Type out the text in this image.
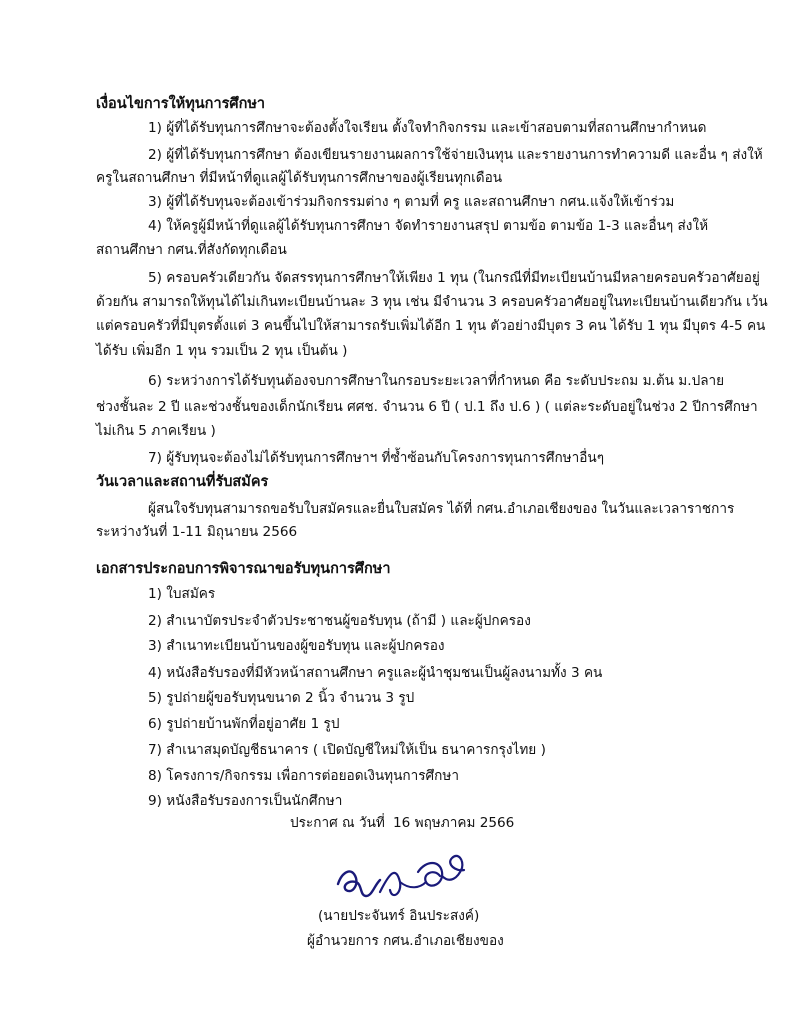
เงื่อนไขการให้ทุนการศึกษา
1) ผู้ที่ได้รับทุนการศึกษาจะต้องตั้งใจเรียน ตั้งใจทำกิจกรรม และเข้าสอบตามที่สถานศึกษากำหนด
2) ผู้ที่ได้รับทุนการศึกษา ต้องเขียนรายงานผลการใช้จ่ายเงินทุน และรายงานการทำความดี และอื่น ๆ ส่งให้
ครูในสถานศึกษา ที่มีหน้าที่ดูแลผู้ได้รับทุนการศึกษาของผู้เรียนทุกเดือน
3) ผู้ที่ได้รับทุนจะต้องเข้าร่วมกิจกรรมต่าง ๆ ตามที่ ครู และสถานศึกษา กศน.แจ้งให้เข้าร่วม
4) ให้ครูผู้มีหน้าที่ดูแลผู้ได้รับทุนการศึกษา จัดทำรายงานสรุป ตามข้อ ตามข้อ 1-3 และอื่นๆ ส่งให้
สถานศึกษา กศน.ที่สังกัดทุกเดือน
5) ครอบครัวเดียวกัน จัดสรรทุนการศึกษาให้เพียง 1 ทุน (ในกรณีที่มีทะเบียนบ้านมีหลายครอบครัวอาศัยอยู่
ด้วยกัน สามารถให้ทุนได้ไม่เกินทะเบียนบ้านละ 3 ทุน เช่น มีจำนวน 3 ครอบครัวอาศัยอยู่ในทะเบียนบ้านเดียวกัน เว้น
แต่ครอบครัวที่มีบุตรตั้งแต่ 3 คนขึ้นไปให้สามารถรับเพิ่มได้อีก 1 ทุน ตัวอย่างมีบุตร 3 คน ได้รับ 1 ทุน มีบุตร 4-5 คน
ได้รับ เพิ่มอีก 1 ทุน รวมเป็น 2 ทุน เป็นต้น )
6) ระหว่างการได้รับทุนต้องจบการศึกษาในกรอบระยะเวลาที่กำหนด คือ ระดับประถม ม.ต้น ม.ปลาย
ช่วงชั้นละ 2 ปี และช่วงชั้นของเด็กนักเรียน ศศช. จำนวน 6 ปี ( ป.1 ถึง ป.6 ) ( แต่ละระดับอยู่ในช่วง 2 ปีการศึกษา
ไม่เกิน 5 ภาคเรียน )
7) ผู้รับทุนจะต้องไม่ได้รับทุนการศึกษาฯ ที่ซ้ำซ้อนกับโครงการทุนการศึกษาอื่นๆ
วันเวลาและสถานที่รับสมัคร
ผู้สนใจรับทุนสามารถขอรับใบสมัครและยื่นใบสมัคร ได้ที่ กศน.อำเภอเชียงของ ในวันและเวลาราชการ
ระหว่างวันที่ 1-11 มิถุนายน 2566
เอกสารประกอบการพิจารณาขอรับทุนการศึกษา
1) ใบสมัคร
2) สำเนาบัตรประจำตัวประชาชนผู้ขอรับทุน (ถ้ามี ) และผู้ปกครอง
3) สำเนาทะเบียนบ้านของผู้ขอรับทุน และผู้ปกครอง
4) หนังสือรับรองที่มีหัวหน้าสถานศึกษา ครูและผู้นำชุมชนเป็นผู้ลงนามทั้ง 3 คน
5) รูปถ่ายผู้ขอรับทุนขนาด 2 นิ้ว จำนวน 3 รูป
6) รูปถ่ายบ้านพักที่อยู่อาศัย 1 รูป
7) สำเนาสมุดบัญชีธนาคาร ( เปิดบัญชีใหม่ให้เป็น ธนาคารกรุงไทย )
8) โครงการ/กิจกรรม เพื่อการต่อยอดเงินทุนการศึกษา
9) หนังสือรับรองการเป็นนักศึกษา
ประกาศ ณ วันที่ 16 พฤษภาคม 2566
(นายประจันทร์ อินประสงค์)
ผู้อำนวยการ กศน.อำเภอเชียงของ
